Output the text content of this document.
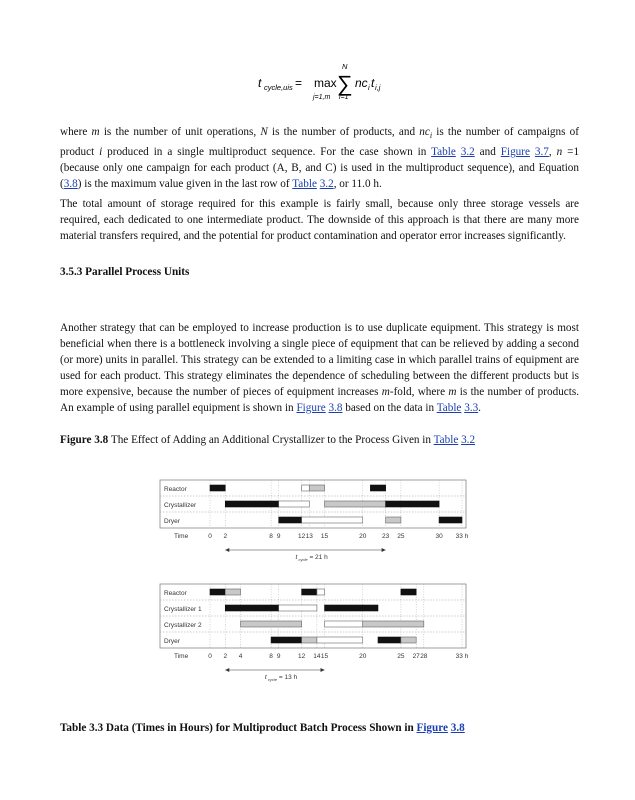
t cycle,uis = max
j=1,m
N
∑
i=1
nc i t i,j

where m is the number of unit operations, N is the number of products, and $nc_i$ is the number of campaigns of product i produced in a single multiproduct sequence. For the case shown in Table 3.2 and Figure 3.7, n =1 (because only one campaign for each product (A, B, and C) is used in the multiproduct sequence), and Equation (3.8) is the maximum value given in the last row of Table 3.2, or 11.0 h.

The total amount of storage required for this example is fairly small, because only three storage vessels are required, each dedicated to one intermediate product. The downside of this approach is that there are many more material transfers required, and the potential for product contamination and operator error increases significantly.

3.5.3 Parallel Process Units

Another strategy that can be employed to increase production is to use duplicate equipment. This strategy is most beneficial when there is a bottleneck involving a single piece of equipment that can be relieved by adding a second (or more) units in parallel. This strategy can be extended to a limiting case in which parallel trains of equipment are used for each product. This strategy eliminates the dependence of scheduling between the different products but is more expensive, because the number of pieces of equipment increases m-fold, where m is the number of products. An example of using parallel equipment is shown in Figure 3.8 based on the data in Table 3.3.

Figure 3.8 The Effect of Adding an Additional Crystallizer to the Process Given in Table 3.2

Reactor
Crystallizer
Dryer
Time	0 2	8 9	12 13 15	20 23 25	30 33 h
t cycle = 21 h
Reactor
Crystallizer 1
Crystallizer 2
Dryer
Time	0 2 4	8 9	12 14 15	20	25 27 28	33 h
t cycle = 13 h

Table 3.3 Data (Times in Hours) for Multiproduct Batch Process Shown in Figure 3.8
